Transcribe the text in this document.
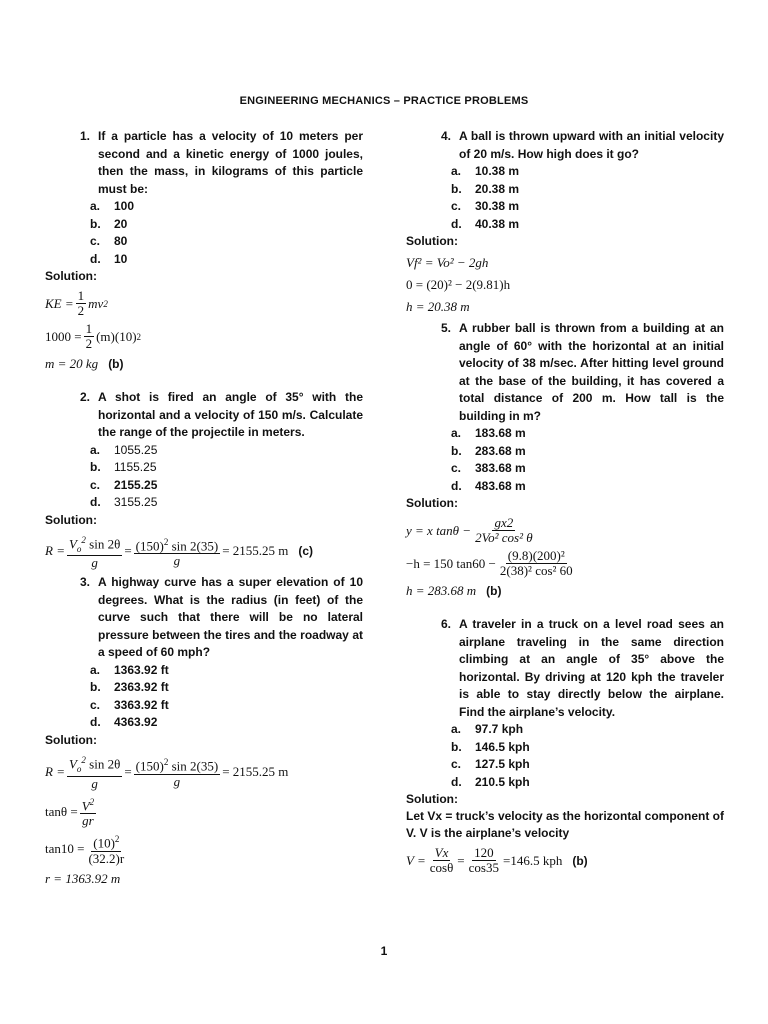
ENGINEERING MECHANICS – PRACTICE PROBLEMS
1. If a particle has a velocity of 10 meters per second and a kinetic energy of 1000 joules, then the mass, in kilograms of this particle must be:
a.	100
b.	20
c.	80
d.	10
Solution:
KE = $\frac{1}{2}$ mv 2
$1000 = \frac{1}{2} (m)(10)$ 2
m = 20 kg (b)
2. A shot is fired an angle of 35° with the horizontal and a velocity of 150 m/s. Calculate the range of the projectile in meters.
a.	1055.25
b.	1155.25
c.	2155.25
d.	3155.25
Solution:
$R = \frac{V_o^2 \sin 2\theta}{g} = \frac{(150)^2 \sin 2(35)}{g} = 2155.25$ m (c)
3. A highway curve has a super elevation of 10 degrees. What is the radius (in feet) of the curve such that there will be no lateral pressure between the tires and the roadway at a speed of 60 mph?
a.	1363.92 ft
b.	2363.92 ft
c.	3363.92 ft
d.	4363.92
Solution:
$R = \frac{V_o^2 \sin 2\theta}{g} = \frac{(150)^2 \sin 2(35)}{g} = 2155.25$ m
$\tan\theta = \frac{V^2}{gr}$
$\tan 10 = \frac{(10)^2}{(32.2)r}$
r = 1363.92 m
4. A ball is thrown upward with an initial velocity of 20 m/s. How high does it go?
a.	10.38 m
b.	20.38 m
c.	30.38 m
d.	40.38 m
Solution:
Vf² = Vo² − 2gh
0 = (20)² − 2(9.81)h
h = 20.38 m
5. A rubber ball is thrown from a building at an angle of 60° with the horizontal at an initial velocity of 38 m/sec. After hitting level ground at the base of the building, it has covered a total distance of 200 m. How tall is the building in m?
a.	183.68 m
b.	283.68 m
c.	383.68 m
d.	483.68 m
Solution:
y = x $\tan\theta - \frac{gx2}{\text{2Vo² cos² θ}}$
−h = 150 $\tan 60 - \frac{\text{(9.8)(200)²}}{\text{2(38)² cos² 60}}$
h = 283.68 m (b)
6. A traveler in a truck on a level road sees an airplane traveling in the same direction climbing at an angle of 35° above the horizontal. By driving at 120 kph the traveler is able to stay directly below the airplane. Find the airplane’s velocity.
a.	97.7 kph
b.	146.5 kph
c.	127.5 kph
d.	210.5 kph
Solution:
Let Vx = truck’s velocity as the horizontal component of V. V is the airplane’s velocity
$V = \frac{Vx}{\cos\theta} = \frac{120}{\cos 35} =146.5$ kph (b)
1
